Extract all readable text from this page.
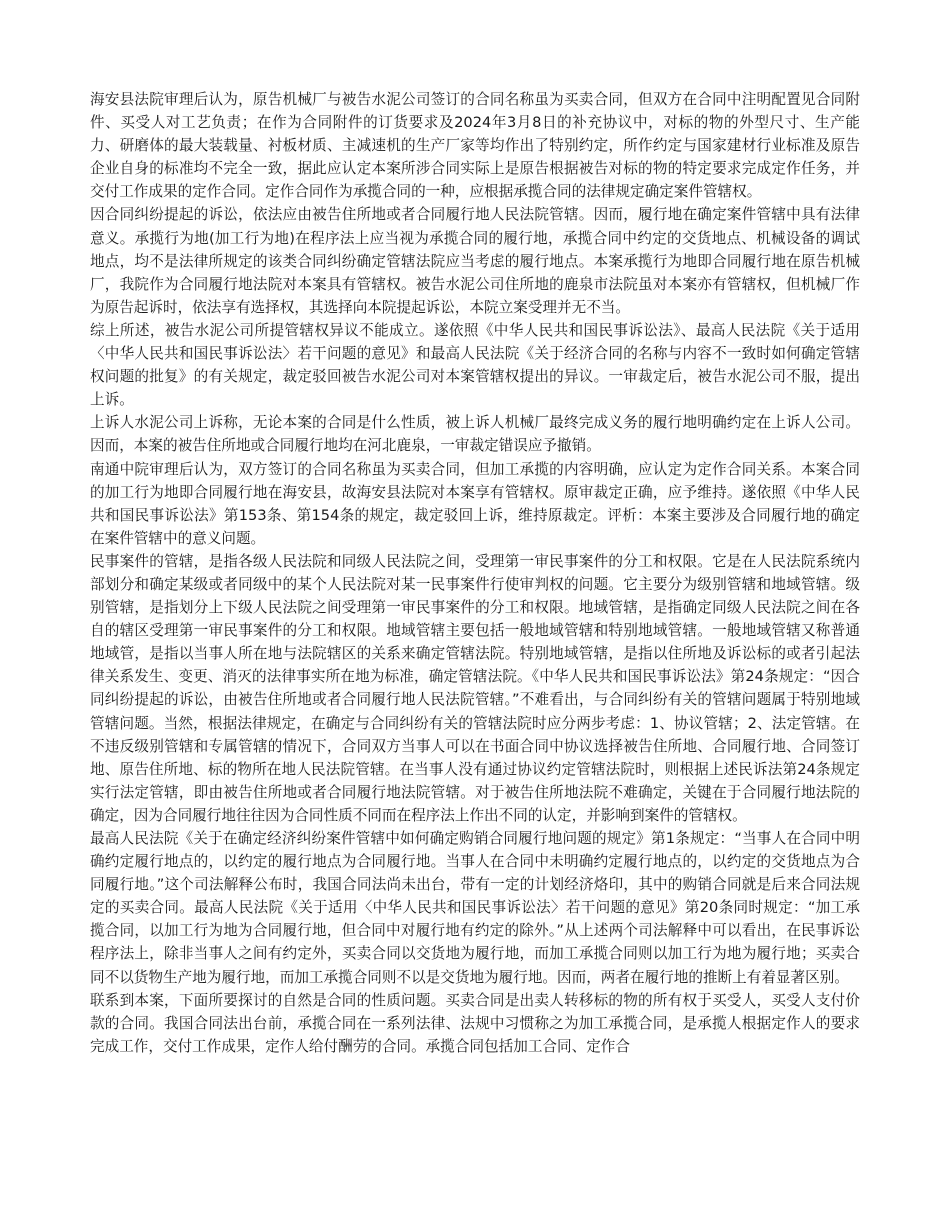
海安县法院审理后认为，原告机械厂与被告水泥公司签订的合同名称虽为买卖合同，但双方在合同中注明配置见合同附件、买受人对工艺负责；在作为合同附件的订货要求及2024年3月8日的补充协议中，对标的物的外型尺寸、生产能力、研磨体的最大装载量、衬板材质、主减速机的生产厂家等均作出了特别约定，所作约定与国家建材行业标准及原告企业自身的标准均不完全一致，据此应认定本案所涉合同实际上是原告根据被告对标的物的特定要求完成定作任务，并交付工作成果的定作合同。定作合同作为承揽合同的一种，应根据承揽合同的法律规定确定案件管辖权。

因合同纠纷提起的诉讼，依法应由被告住所地或者合同履行地人民法院管辖。因而，履行地在确定案件管辖中具有法律意义。承揽行为地(加工行为地)在程序法上应当视为承揽合同的履行地，承揽合同中约定的交货地点、机械设备的调试地点，均不是法律所规定的该类合同纠纷确定管辖法院应当考虑的履行地点。本案承揽行为地即合同履行地在原告机械厂，我院作为合同履行地法院对本案具有管辖权。被告水泥公司住所地的鹿泉市法院虽对本案亦有管辖权，但机械厂作为原告起诉时，依法享有选择权，其选择向本院提起诉讼，本院立案受理并无不当。

综上所述，被告水泥公司所提管辖权异议不能成立。遂依照《中华人民共和国民事诉讼法》、最高人民法院《关于适用〈中华人民共和国民事诉讼法〉若干问题的意见》和最高人民法院《关于经济合同的名称与内容不一致时如何确定管辖权问题的批复》的有关规定，裁定驳回被告水泥公司对本案管辖权提出的异议。一审裁定后，被告水泥公司不服，提出上诉。

上诉人水泥公司上诉称，无论本案的合同是什么性质，被上诉人机械厂最终完成义务的履行地明确约定在上诉人公司。因而，本案的被告住所地或合同履行地均在河北鹿泉，一审裁定错误应予撤销。

南通中院审理后认为，双方签订的合同名称虽为买卖合同，但加工承揽的内容明确，应认定为定作合同关系。本案合同的加工行为地即合同履行地在海安县，故海安县法院对本案享有管辖权。原审裁定正确，应予维持。遂依照《中华人民共和国民事诉讼法》第153条、第154条的规定，裁定驳回上诉，维持原裁定。评析：本案主要涉及合同履行地的确定在案件管辖中的意义问题。

民事案件的管辖，是指各级人民法院和同级人民法院之间，受理第一审民事案件的分工和权限。它是在人民法院系统内部划分和确定某级或者同级中的某个人民法院对某一民事案件行使审判权的问题。它主要分为级别管辖和地域管辖。级别管辖，是指划分上下级人民法院之间受理第一审民事案件的分工和权限。地域管辖，是指确定同级人民法院之间在各自的辖区受理第一审民事案件的分工和权限。地域管辖主要包括一般地域管辖和特别地域管辖。一般地域管辖又称普通地域管，是指以当事人所在地与法院辖区的关系来确定管辖法院。特别地域管辖，是指以住所地及诉讼标的或者引起法律关系发生、变更、消灭的法律事实所在地为标准，确定管辖法院。《中华人民共和国民事诉讼法》第24条规定：“因合同纠纷提起的诉讼，由被告住所地或者合同履行地人民法院管辖。”不难看出，与合同纠纷有关的管辖问题属于特别地域管辖问题。当然，根据法律规定，在确定与合同纠纷有关的管辖法院时应分两步考虑：1、协议管辖；2、法定管辖。在不违反级别管辖和专属管辖的情况下，合同双方当事人可以在书面合同中协议选择被告住所地、合同履行地、合同签订地、原告住所地、标的物所在地人民法院管辖。在当事人没有通过协议约定管辖法院时，则根据上述民诉法第24条规定实行法定管辖，即由被告住所地或者合同履行地法院管辖。对于被告住所地法院不难确定，关键在于合同履行地法院的确定，因为合同履行地往往因为合同性质不同而在程序法上作出不同的认定，并影响到案件的管辖权。

最高人民法院《关于在确定经济纠纷案件管辖中如何确定购销合同履行地问题的规定》第1条规定：“当事人在合同中明确约定履行地点的，以约定的履行地点为合同履行地。当事人在合同中未明确约定履行地点的，以约定的交货地点为合同履行地。”这个司法解释公布时，我国合同法尚未出台，带有一定的计划经济烙印，其中的购销合同就是后来合同法规定的买卖合同。最高人民法院《关于适用〈中华人民共和国民事诉讼法〉若干问题的意见》第20条同时规定：“加工承揽合同，以加工行为地为合同履行地，但合同中对履行地有约定的除外。”从上述两个司法解释中可以看出，在民事诉讼程序法上，除非当事人之间有约定外，买卖合同以交货地为履行地，而加工承揽合同则以加工行为地为履行地；买卖合同不以货物生产地为履行地，而加工承揽合同则不以是交货地为履行地。因而，两者在履行地的推断上有着显著区别。

联系到本案，下面所要探讨的自然是合同的性质问题。买卖合同是出卖人转移标的物的所有权于买受人，买受人支付价款的合同。我国合同法出台前，承揽合同在一系列法律、法规中习惯称之为加工承揽合同，是承揽人根据定作人的要求完成工作，交付工作成果，定作人给付酬劳的合同。承揽合同包括加工合同、定作合
